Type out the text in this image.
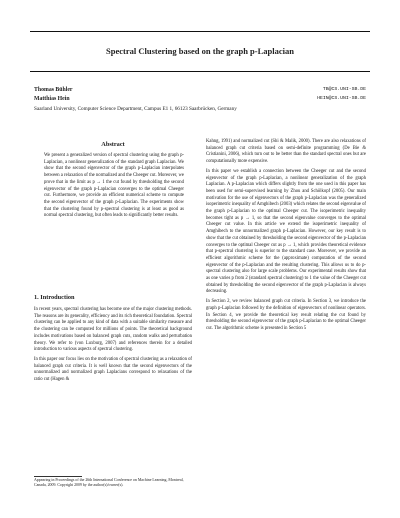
Spectral Clustering based on the graph p-Laplacian
Thomas Bühler	TB@CS.UNI-SB.DE
Matthias Hein	HEIN@CS.UNI-SB.DE
Saarland University, Computer Science Department, Campus E1 1, 66123 Saarbrücken, Germany
Abstract

We present a generalized version of spectral clustering using the graph p-Laplacian, a nonlinear generalization of the standard graph Laplacian. We show that the second eigenvector of the graph p-Laplacian interpolates between a relaxation of the normalized and the Cheeger cut. Moreover, we prove that in the limit as p → 1 the cut found by thresholding the second eigenvector of the graph p-Laplacian converges to the optimal Cheeger cut. Furthermore, we provide an efficient numerical scheme to compute the second eigenvector of the graph p-Laplacian. The experiments show that the clustering found by p-spectral clustering is at least as good as normal spectral clustering, but often leads to significantly better results.

1. Introduction

In recent years, spectral clustering has become one of the major clustering methods. The reasons are its generality, efficiency and its rich theoretical foundation. Spectral clustering can be applied to any kind of data with a suitable similarity measure and the clustering can be computed for millions of points. The theoretical background includes motivations based on balanced graph cuts, random walks and perturbation theory. We refer to (von Luxburg, 2007) and references therein for a detailed introduction to various aspects of spectral clustering.

In this paper our focus lies on the motivation of spectral clustering as a relaxation of balanced graph cut criteria. It is well known that the second eigenvectors of the unnormalized and normalized graph Laplacians correspond to relaxations of the ratio cut (Hagen &

Appearing in Proceedings of the 26th International Conference on Machine Learning, Montreal, Canada, 2009. Copyright 2009 by the author(s)/owner(s).

Kahng, 1991) and normalized cut (Shi & Malik, 2000). There are also relaxations of balanced graph cut criteria based on semi-definite programming (De Bie & Cristianini, 2006), which turn out to be better than the standard spectral ones but are computationally more expensive.

In this paper we establish a connection between the Cheeger cut and the second eigenvector of the graph p-Laplacian, a nonlinear generalization of the graph Laplacian. A p-Laplacian which differs slightly from the one used in this paper has been used for semi-supervised learning by Zhou and Schölkopf (2005). Our main motivation for the use of eigenvectors of the graph p-Laplacian was the generalized isoperimetric inequality of Amghibech (2003) which relates the second eigenvalue of the graph p-Laplacian to the optimal Cheeger cut. The isoperimetric inequality becomes tight as p → 1, so that the second eigenvalue converges to the optimal Cheeger cut value. In this article we extend the isoperimetric inequality of Amghibech to the unnormalized graph p-Laplacian. However, our key result is to show that the cut obtained by thresholding the second eigenvector of the p-Laplacian converges to the optimal Cheeger cut as p → 1, which provides theoretical evidence that p-spectral clustering is superior to the standard case. Moreover, we provide an efficient algorithmic scheme for the (approximate) computation of the second eigenvector of the p-Laplacian and the resulting clustering. This allows us to do p-spectral clustering also for large scale problems. Our experimental results show that as one varies p from 2 (standard spectral clustering) to 1 the value of the Cheeger cut obtained by thresholding the second eigenvector of the graph p-Laplacian is always decreasing.

In Section 2, we review balanced graph cut criteria. In Section 3, we introduce the graph p-Laplacian followed by the definition of eigenvectors of nonlinear operators. In Section 4, we provide the theoretical key result relating the cut found by thresholding the second eigenvector of the graph p-Laplacian to the optimal Cheeger cut. The algorithmic scheme is presented in Section 5
